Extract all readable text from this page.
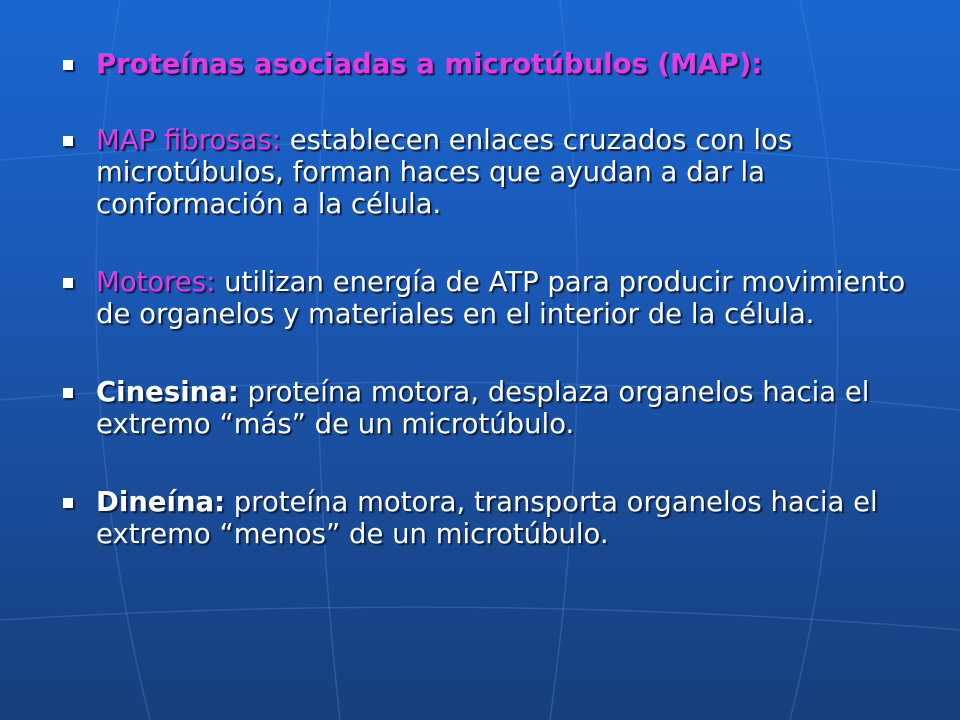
Proteínas asociadas a microtúbulos (MAP):
MAP fibrosas: establecen enlaces cruzados con los microtúbulos, forman haces que ayudan a dar la conformación a la célula.
Motores: utilizan energía de ATP para producir movimiento de organelos y materiales en el interior de la célula.
Cinesina: proteína motora, desplaza organelos hacia el extremo “más” de un microtúbulo.
Dineína: proteína motora, transporta organelos hacia el extremo “menos” de un microtúbulo.
